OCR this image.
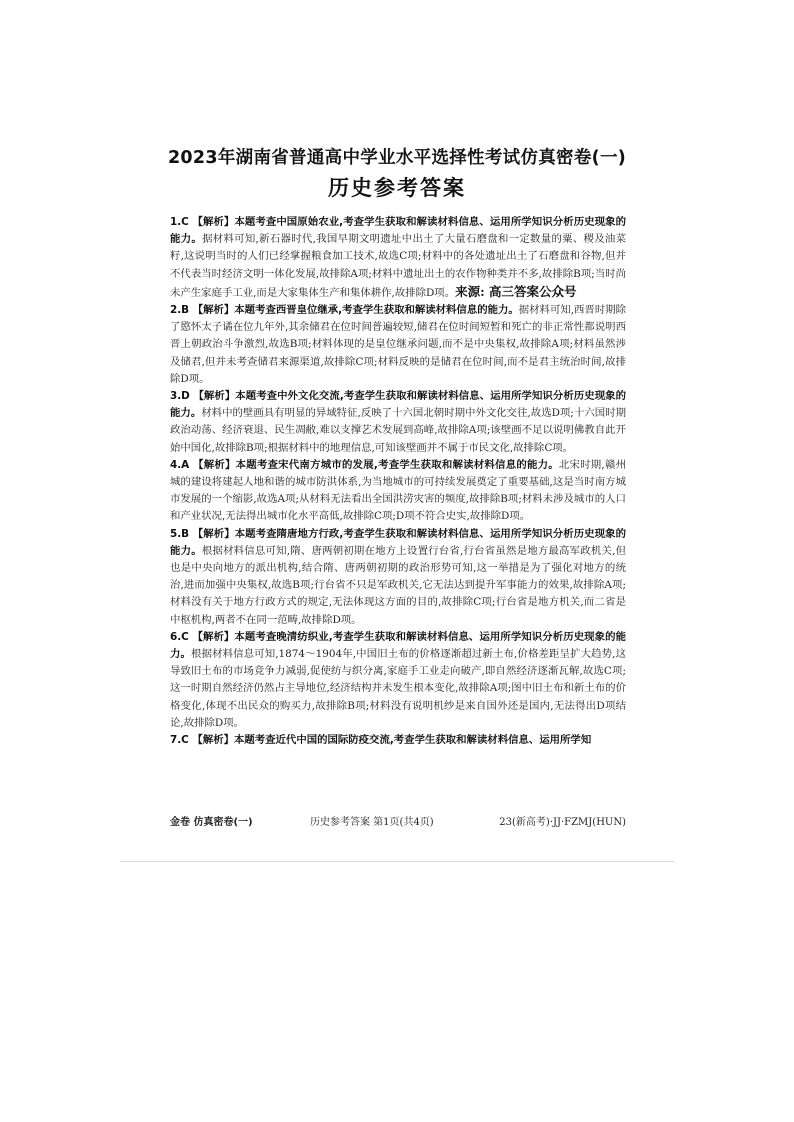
2023年湖南省普通高中学业水平选择性考试仿真密卷(一)
历史参考答案

1.C 【解析】本题考查中国原始农业,考查学生获取和解读材料信息、运用所学知识分析历史现象的能力。据材料可知,新石器时代,我国早期文明遗址中出土了大量石磨盘和一定数量的粟、稷及油菜籽,这说明当时的人们已经掌握粮食加工技术,故选C项;材料中的各处遗址出土了石磨盘和谷物,但并不代表当时经济文明一体化发展,故排除A项;材料中遗址出土的农作物种类并不多,故排除B项;当时尚未产生家庭手工业,而是大家集体生产和集体耕作,故排除D项。来源: 高三答案公众号

2.B 【解析】本题考查西晋皇位继承,考查学生获取和解读材料信息的能力。据材料可知,西晋时期除了愍怀太子谲在位九年外,其余储君在位时间普遍较短,储君在位时间短暂和死亡的非正常性都说明西晋上朝政治斗争激烈,故选B项;材料体现的是皇位继承问题,而不是中央集权,故排除A项;材料虽然涉及储君,但并未考查储君来源渠道,故排除C项;材料反映的是储君在位时间,而不是君主统治时间,故排除D项。

3.D 【解析】本题考查中外文化交流,考查学生获取和解读材料信息、运用所学知识分析历史现象的能力。材料中的壁画具有明显的异域特征,反映了十六国北朝时期中外文化交往,故选D项;十六国时期政治动荡、经济衰退、民生凋敝,难以支撑艺术发展到高峰,故排除A项;该壁画不足以说明佛教自此开始中国化,故排除B项;根据材料中的地理信息,可知该壁画并不属于市民文化,故排除C项。

4.A 【解析】本题考查宋代南方城市的发展,考查学生获取和解读材料信息的能力。北宋时期,赣州城的建设将建起人地和谐的城市防洪体系,为当地城市的可持续发展奠定了重要基础,这是当时南方城市发展的一个缩影,故选A项;从材料无法看出全国洪涝灾害的频度,故排除B项;材料未涉及城市的人口和产业状况,无法得出城市化水平高低,故排除C项;D项不符合史实,故排除D项。

5.B 【解析】本题考查隋唐地方行政,考查学生获取和解读材料信息、运用所学知识分析历史现象的能力。根据材料信息可知,隋、唐两朝初期在地方上设置行台省,行台省虽然是地方最高军政机关,但也是中央向地方的派出机构,结合隋、唐两朝初期的政治形势可知,这一举措是为了强化对地方的统治,进而加强中央集权,故选B项;行台省不只是军政机关,它无法达到提升军事能力的效果,故排除A项;材料没有关于地方行政方式的规定,无法体现这方面的目的,故排除C项;行台省是地方机关,而二省是中枢机构,两者不在同一范畴,故排除D项。

6.C 【解析】本题考查晚清纺织业,考查学生获取和解读材料信息、运用所学知识分析历史现象的能力。根据材料信息可知,1874～1904年,中国旧土布的价格逐渐超过新土布,价格差距呈扩大趋势,这导致旧土布的市场竞争力减弱,促使纺与织分离,家庭手工业走向破产,即自然经济逐渐瓦解,故选C项;这一时期自然经济仍然占主导地位,经济结构并未发生根本变化,故排除A项;图中旧土布和新土布的价格变化,体现不出民众的购买力,故排除B项;材料没有说明机纱是来自国外还是国内,无法得出D项结论,故排除D项。

7.C 【解析】本题考查近代中国的国际防疫交流,考查学生获取和解读材料信息、运用所学知

金卷 仿真密卷(一)	历史参考答案 第1页(共4页)	23(新高考)·JJ·FZMJ(HUN)
